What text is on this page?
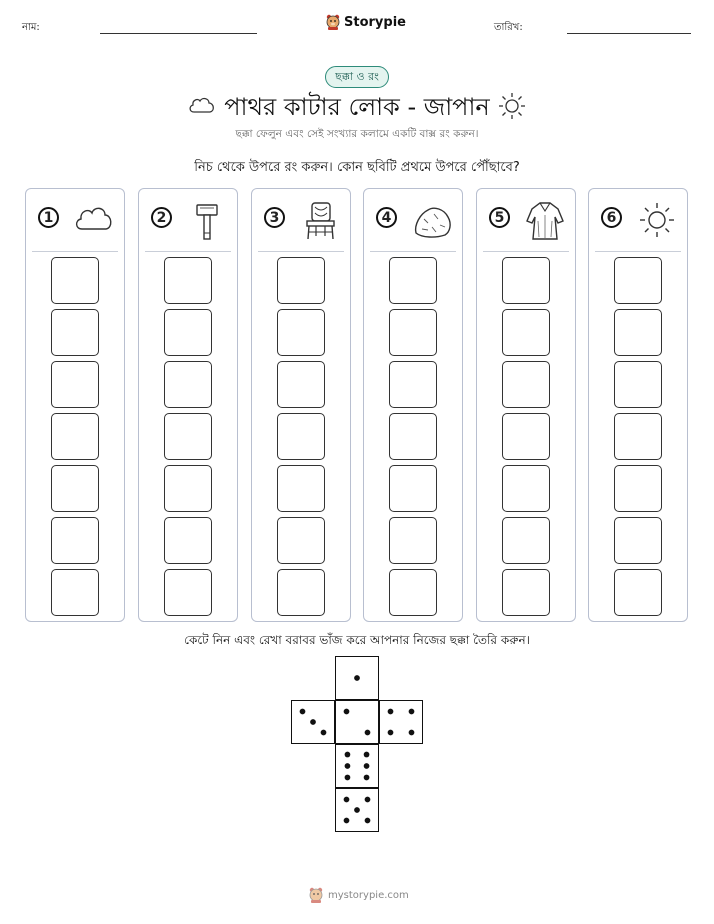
নাম:	Storypie	তারিখ:
ছক্কা ও রং
পাথর কাটার লোক - জাপান
ছক্কা ফেলুন এবং সেই সংখ্যার কলামে একটি বাক্স রং করুন।
নিচ থেকে উপরে রং করুন। কোন ছবিটি প্রথমে উপরে পৌঁছাবে?
1	2	3	4	5	6
কেটে নিন এবং রেখা বরাবর ভাঁজ করে আপনার নিজের ছক্কা তৈরি করুন।
mystorypie.com
